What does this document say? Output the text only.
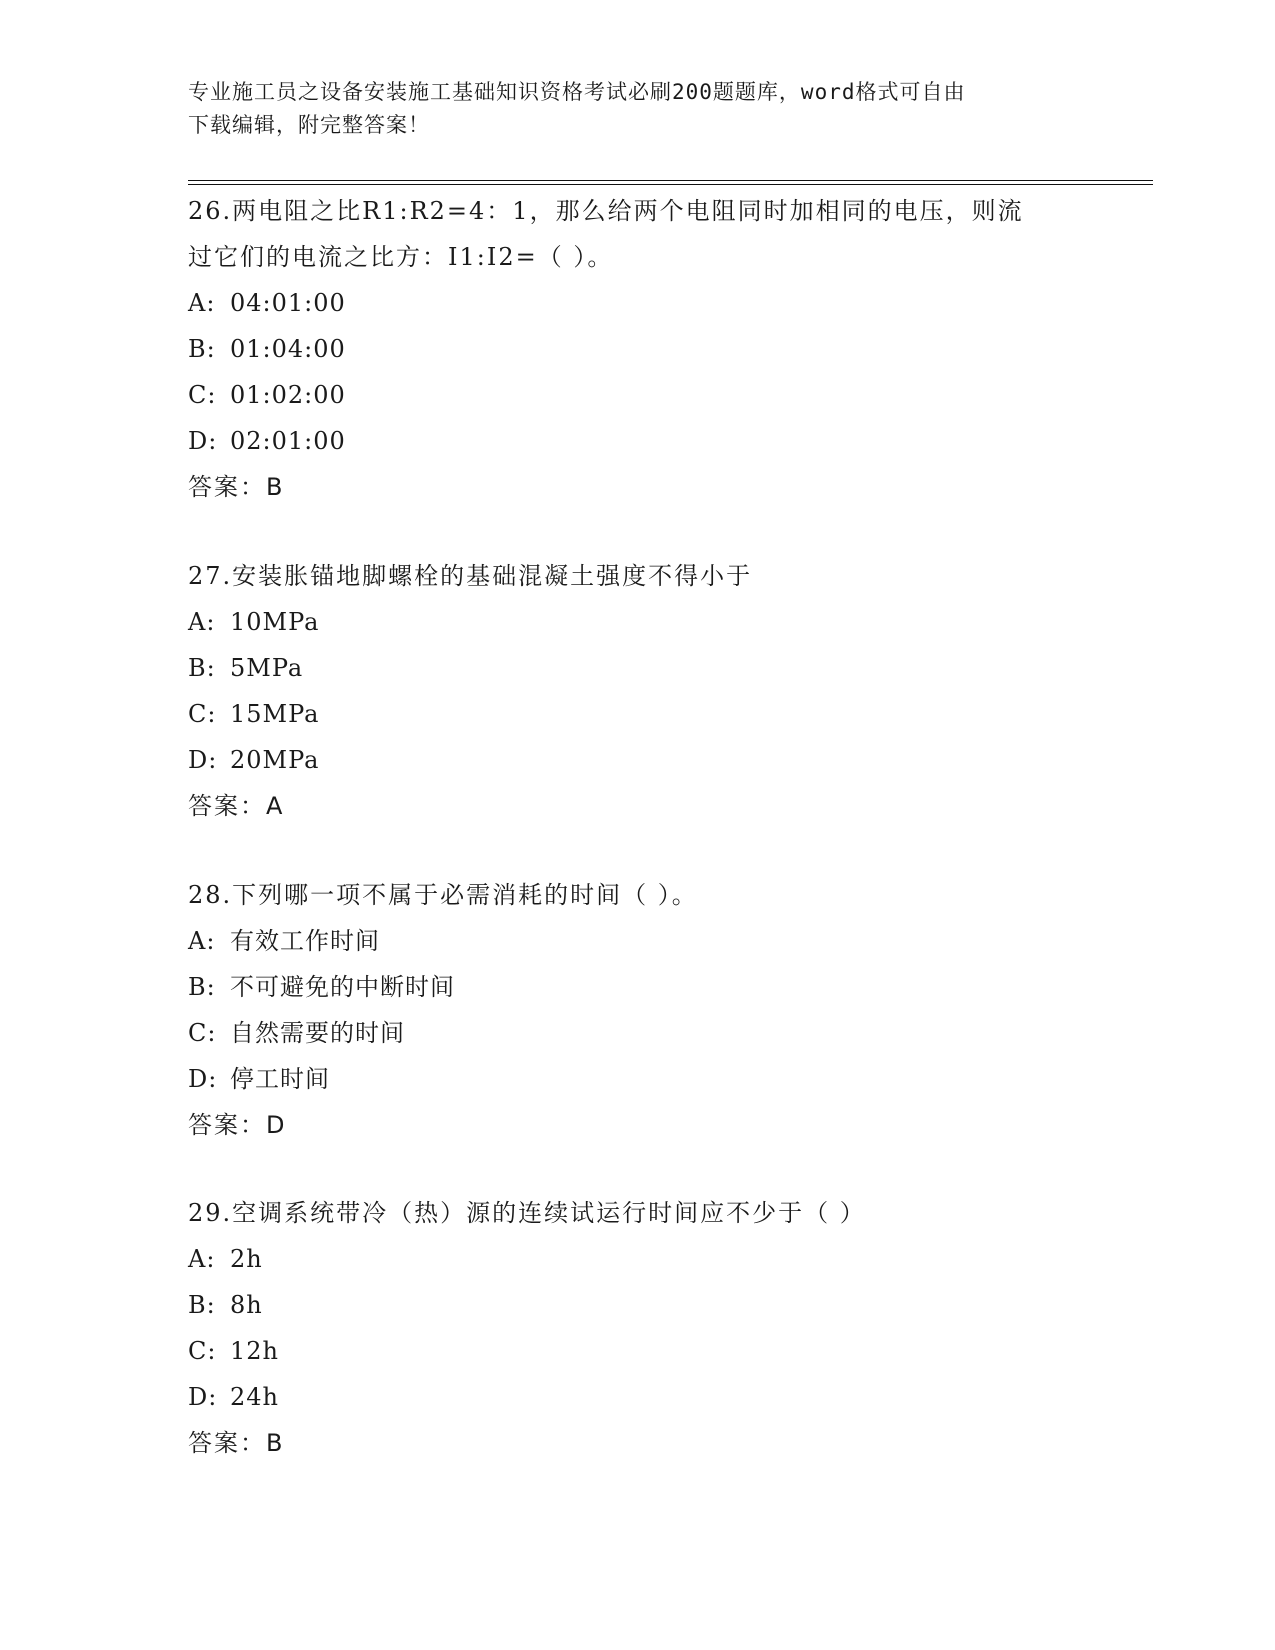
专业施工员之设备安装施工基础知识资格考试必刷200题题库，word格式可自由
下载编辑，附完整答案！

26.两电阻之比R1:R2=4：1，那么给两个电阻同时加相同的电压，则流

过它们的电流之比方：I1:I2=（ ）。

A: 04:01:00

B: 01:04:00

C: 01:02:00

D: 02:01:00

答案：B

27.安装胀锚地脚螺栓的基础混凝土强度不得小于

A: 10MPa

B: 5MPa

C: 15MPa

D: 20MPa

答案：A

28.下列哪一项不属于必需消耗的时间（ ）。

A: 有效工作时间

B: 不可避免的中断时间

C: 自然需要的时间

D: 停工时间

答案：D

29.空调系统带冷（热）源的连续试运行时间应不少于（ ）

A: 2h

B: 8h

C: 12h

D: 24h

答案：B
